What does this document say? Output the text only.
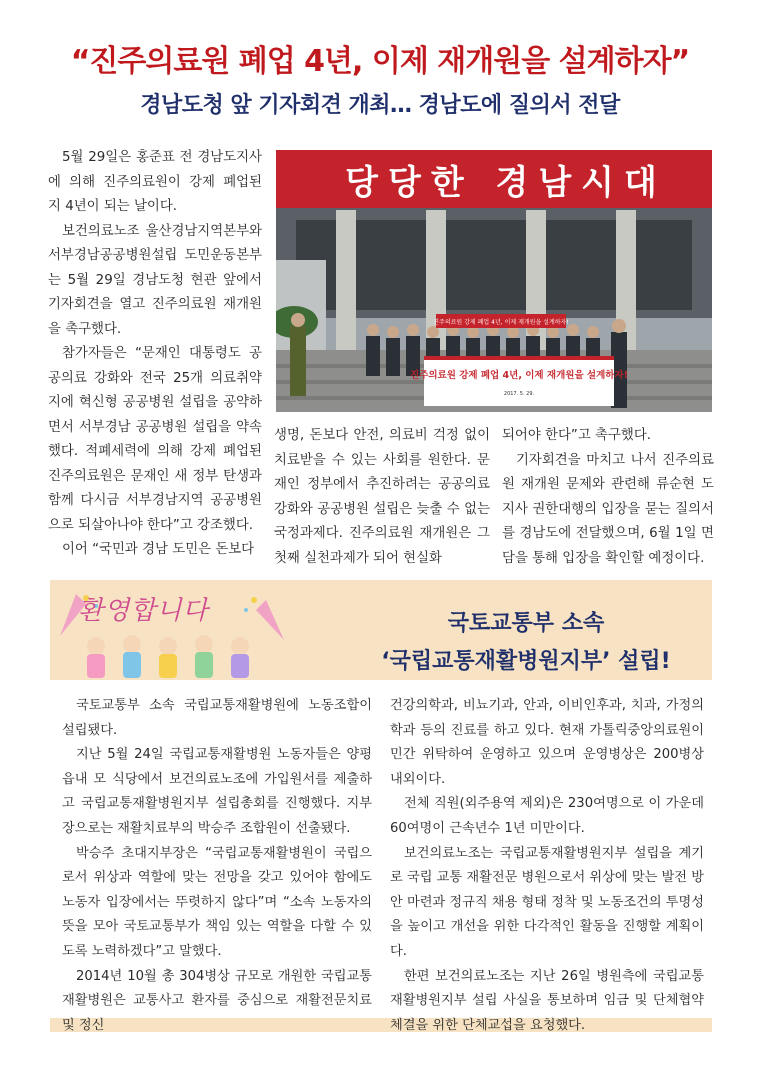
“진주의료원 폐업 4년, 이제 재개원을 설계하자”
경남도청 앞 기자회견 개최… 경남도에 질의서 전달

5월 29일은 홍준표 전 경남도지사에 의해 진주의료원이 강제 폐업된 지 4년이 되는 날이다.

보건의료노조 울산경남지역본부와 서부경남공공병원설립 도민운동본부는 5월 29일 경남도청 현관 앞에서 기자회견을 열고 진주의료원 재개원을 촉구했다.

참가자들은 “문재인 대통령도 공공의료 강화와 전국 25개 의료취약지에 혁신형 공공병원 설립을 공약하면서 서부경남 공공병원 설립을 약속했다. 적폐세력에 의해 강제 폐업된 진주의료원은 문재인 새 정부 탄생과 함께 다시금 서부경남지역 공공병원으로 되살아나야 한다”고 강조했다.

이어 “국민과 경남 도민은 돈보다

당당한 경남시대
진주의료원 강제 폐업 4년, 이제 재개원을 설계하자!
진주의료원 강제 폐업 4년, 이제 재개원을 설계하자!
2017. 5. 29.

생명, 돈보다 안전, 의료비 걱정 없이 치료받을 수 있는 사회를 원한다. 문재인 정부에서 추진하려는 공공의료 강화와 공공병원 설립은 늦출 수 없는 국정과제다. 진주의료원 재개원은 그 첫째 실천과제가 되어 현실화

되어야 한다”고 촉구했다.

기자회견을 마치고 나서 진주의료원 재개원 문제와 관련해 류순현 도지사 권한대행의 입장을 묻는 질의서를 경남도에 전달했으며, 6월 1일 면담을 통해 입장을 확인할 예정이다.

환영합니다	국토교통부 소속
‘국립교통재활병원지부’ 설립!

국토교통부 소속 국립교통재활병원에 노동조합이 설립됐다.

지난 5월 24일 국립교통재활병원 노동자들은 양평읍내 모 식당에서 보건의료노조에 가입원서를 제출하고 국립교통재활병원지부 설립총회를 진행했다. 지부장으로는 재활치료부의 박승주 조합원이 선출됐다.

박승주 초대지부장은 “국립교통재활병원이 국립으로서 위상과 역할에 맞는 전망을 갖고 있어야 함에도 노동자 입장에서는 뚜렷하지 않다”며 “소속 노동자의 뜻을 모아 국토교통부가 책임 있는 역할을 다할 수 있도록 노력하겠다”고 말했다.

2014년 10월 총 304병상 규모로 개원한 국립교통재활병원은 교통사고 환자를 중심으로 재활전문치료 및 정신

건강의학과, 비뇨기과, 안과, 이비인후과, 치과, 가정의학과 등의 진료를 하고 있다. 현재 가톨릭중앙의료원이 민간 위탁하여 운영하고 있으며 운영병상은 200병상 내외이다.

전체 직원(외주용역 제외)은 230여명으로 이 가운데 60여명이 근속년수 1년 미만이다.

보건의료노조는 국립교통재활병원지부 설립을 계기로 국립 교통 재활전문 병원으로서 위상에 맞는 발전 방안 마련과 정규직 채용 형태 정착 및 노동조건의 투명성을 높이고 개선을 위한 다각적인 활동을 진행할 계획이다.

한편 보건의료노조는 지난 26일 병원측에 국립교통재활병원지부 설립 사실을 통보하며 임금 및 단체협약 체결을 위한 단체교섭을 요청했다.
